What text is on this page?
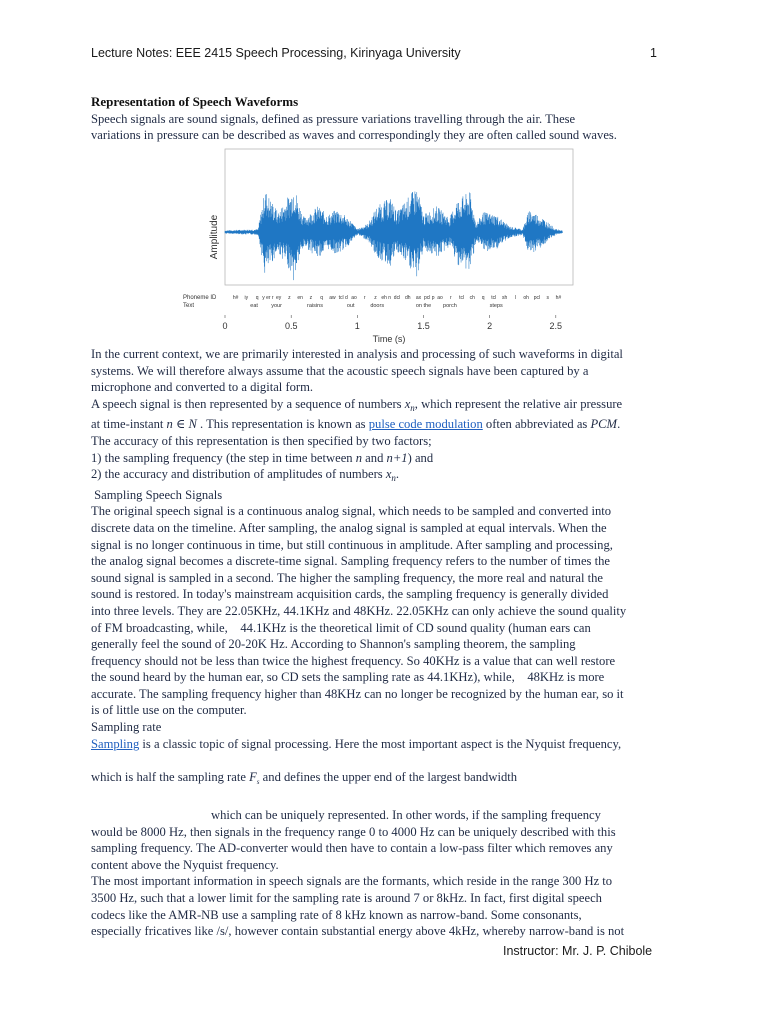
Lecture Notes: EEE 2415 Speech Processing, Kirinyaga University	1

Representation of Speech Waveforms

Speech signals are sound signals, defined as pressure variations travelling through the air. These

variations in pressure can be described as waves and correspondingly they are often called sound waves.

Amplitude
Phoneme ID
Text
h# iy q y er r ey z en z q aw tcl d ao r z eh n dcl dh ax pcl p ao r tcl ch q tcl sh l oh pcl s h#
eat your	raisins	out	doors	on the porch	steps
0	0.5	1	1.5	2	2.5
Time (s)

In the current context, we are primarily interested in analysis and processing of such waveforms in digital

systems. We will therefore always assume that the acoustic speech signals have been captured by a

microphone and converted to a digital form.

A speech signal is then represented by a sequence of numbers $x_n$, which represent the relative air pressure

at time-instant n ∈ N . This representation is known as pulse code modulation often abbreviated as PCM.

The accuracy of this representation is then specified by two factors;

1) the sampling frequency (the step in time between n and n+1) and

2) the accuracy and distribution of amplitudes of numbers $x_n$.

Sampling Speech Signals

The original speech signal is a continuous analog signal, which needs to be sampled and converted into

discrete data on the timeline. After sampling, the analog signal is sampled at equal intervals. When the

signal is no longer continuous in time, but still continuous in amplitude. After sampling and processing,

the analog signal becomes a discrete-time signal. Sampling frequency refers to the number of times the

sound signal is sampled in a second. The higher the sampling frequency, the more real and natural the

sound is restored. In today's mainstream acquisition cards, the sampling frequency is generally divided

into three levels. They are 22.05KHz, 44.1KHz and 48KHz. 22.05KHz can only achieve the sound quality

of FM broadcasting, while,    44.1KHz is the theoretical limit of CD sound quality (human ears can

generally feel the sound of 20-20K Hz. According to Shannon's sampling theorem, the sampling

frequency should not be less than twice the highest frequency. So 40KHz is a value that can well restore

the sound heard by the human ear, so CD sets the sampling rate as 44.1KHz), while,    48KHz is more

accurate. The sampling frequency higher than 48KHz can no longer be recognized by the human ear, so it

is of little use on the computer.

Sampling rate

Sampling is a classic topic of signal processing. Here the most important aspect is the Nyquist frequency,

which is half the sampling rate $F_s$ and defines the upper end of the largest bandwidth

which can be uniquely represented. In other words, if the sampling frequency

would be 8000 Hz, then signals in the frequency range 0 to 4000 Hz can be uniquely described with this

sampling frequency. The AD-converter would then have to contain a low-pass filter which removes any

content above the Nyquist frequency.

The most important information in speech signals are the formants, which reside in the range 300 Hz to

3500 Hz, such that a lower limit for the sampling rate is around 7 or 8kHz. In fact, first digital speech

codecs like the AMR-NB use a sampling rate of 8 kHz known as narrow-band. Some consonants,

especially fricatives like /s/, however contain substantial energy above 4kHz, whereby narrow-band is not

Instructor: Mr. J. P. Chibole
